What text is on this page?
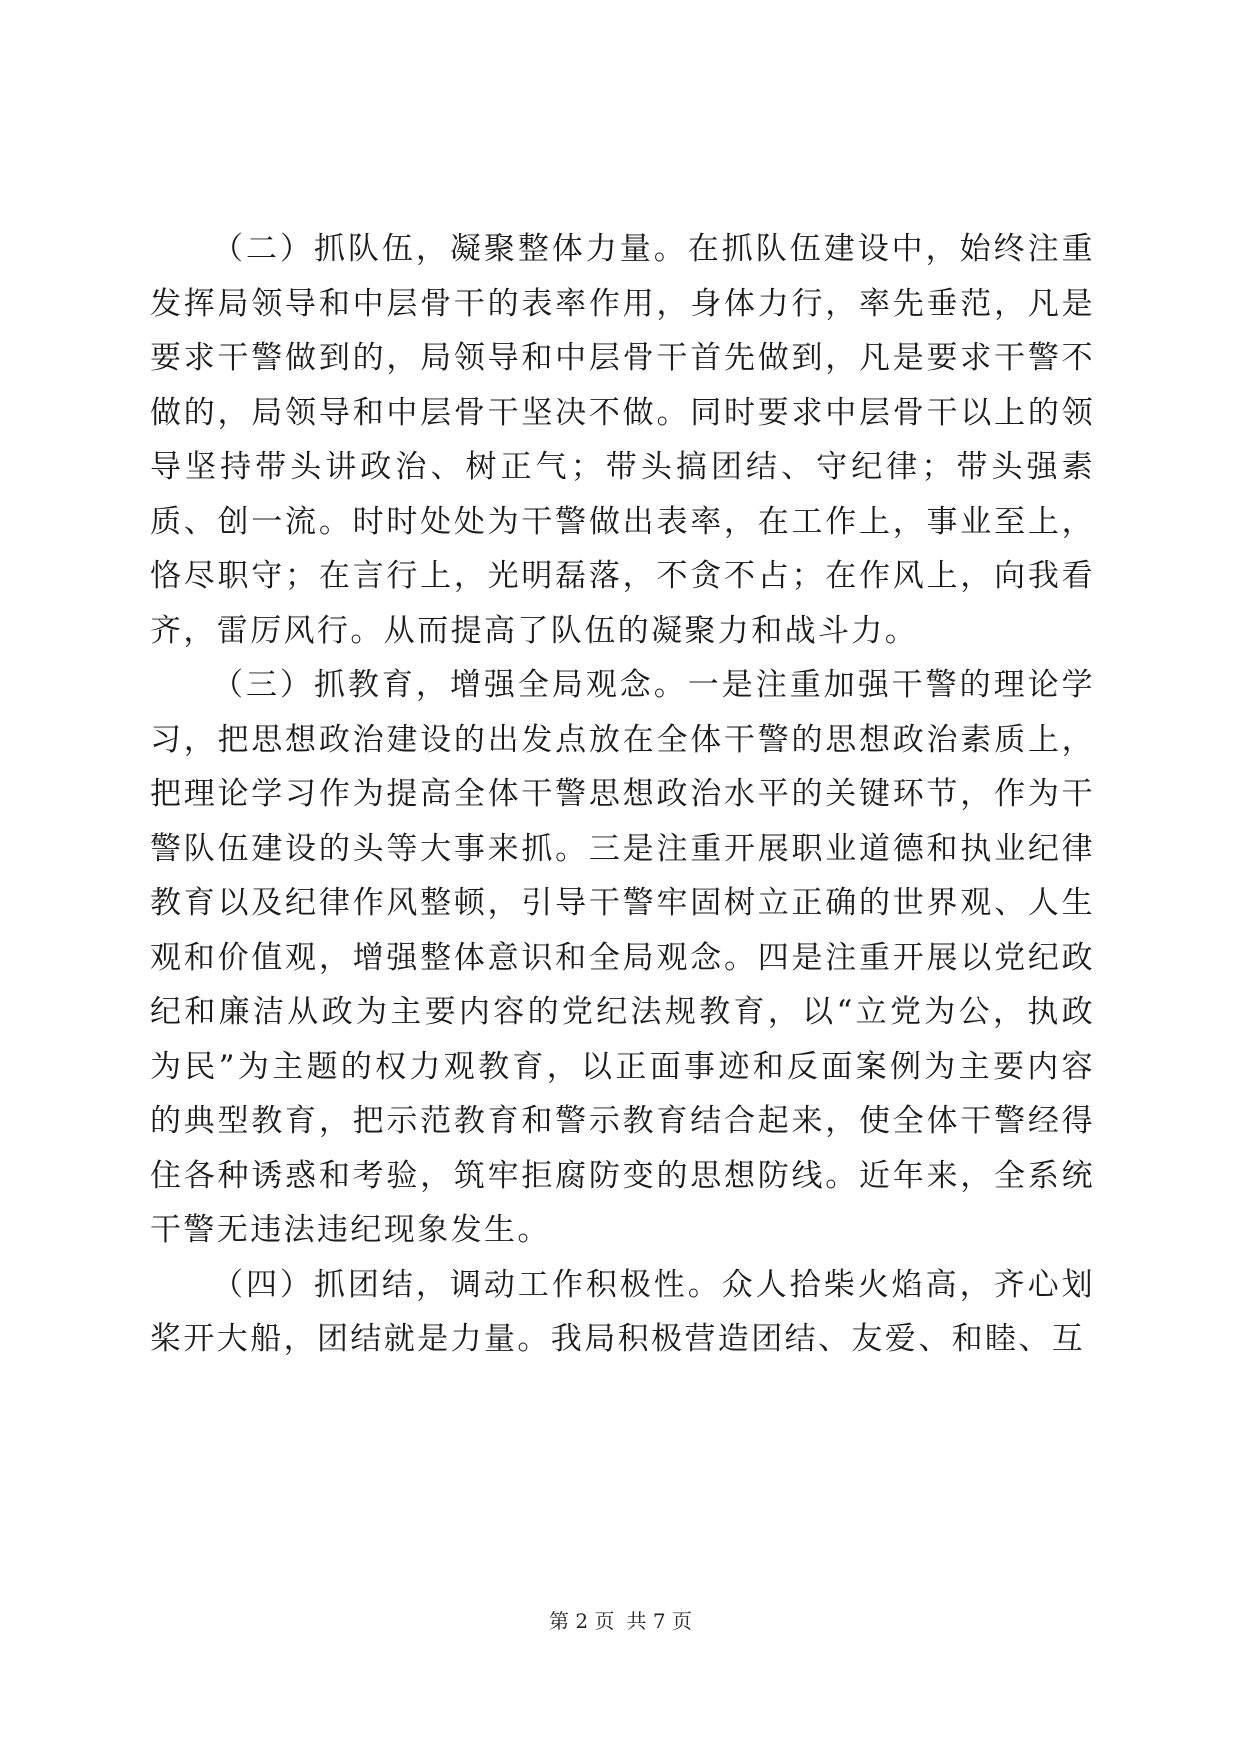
（二）抓队伍，凝聚整体力量。在抓队伍建设中，始终注重发挥局领导和中层骨干的表率作用，身体力行，率先垂范，凡是要求干警做到的，局领导和中层骨干首先做到，凡是要求干警不做的，局领导和中层骨干坚决不做。同时要求中层骨干以上的领导坚持带头讲政治、树正气；带头搞团结、守纪律；带头强素质、创一流。时时处处为干警做出表率，在工作上，事业至上，恪尽职守；在言行上，光明磊落，不贪不占；在作风上，向我看齐，雷厉风行。从而提高了队伍的凝聚力和战斗力。

（三）抓教育，增强全局观念。一是注重加强干警的理论学习，把思想政治建设的出发点放在全体干警的思想政治素质上，把理论学习作为提高全体干警思想政治水平的关键环节，作为干警队伍建设的头等大事来抓。三是注重开展职业道德和执业纪律教育以及纪律作风整顿，引导干警牢固树立正确的世界观、人生观和价值观，增强整体意识和全局观念。四是注重开展以党纪政纪和廉洁从政为主要内容的党纪法规教育，以“立党为公，执政为民”为主题的权力观教育，以正面事迹和反面案例为主要内容的典型教育，把示范教育和警示教育结合起来，使全体干警经得住各种诱惑和考验，筑牢拒腐防变的思想防线。近年来，全系统干警无违法违纪现象发生。

（四）抓团结，调动工作积极性。众人拾柴火焰高，齐心划桨开大船，团结就是力量。我局积极营造团结、友爱、和睦、互

第 2 页 共 7 页
